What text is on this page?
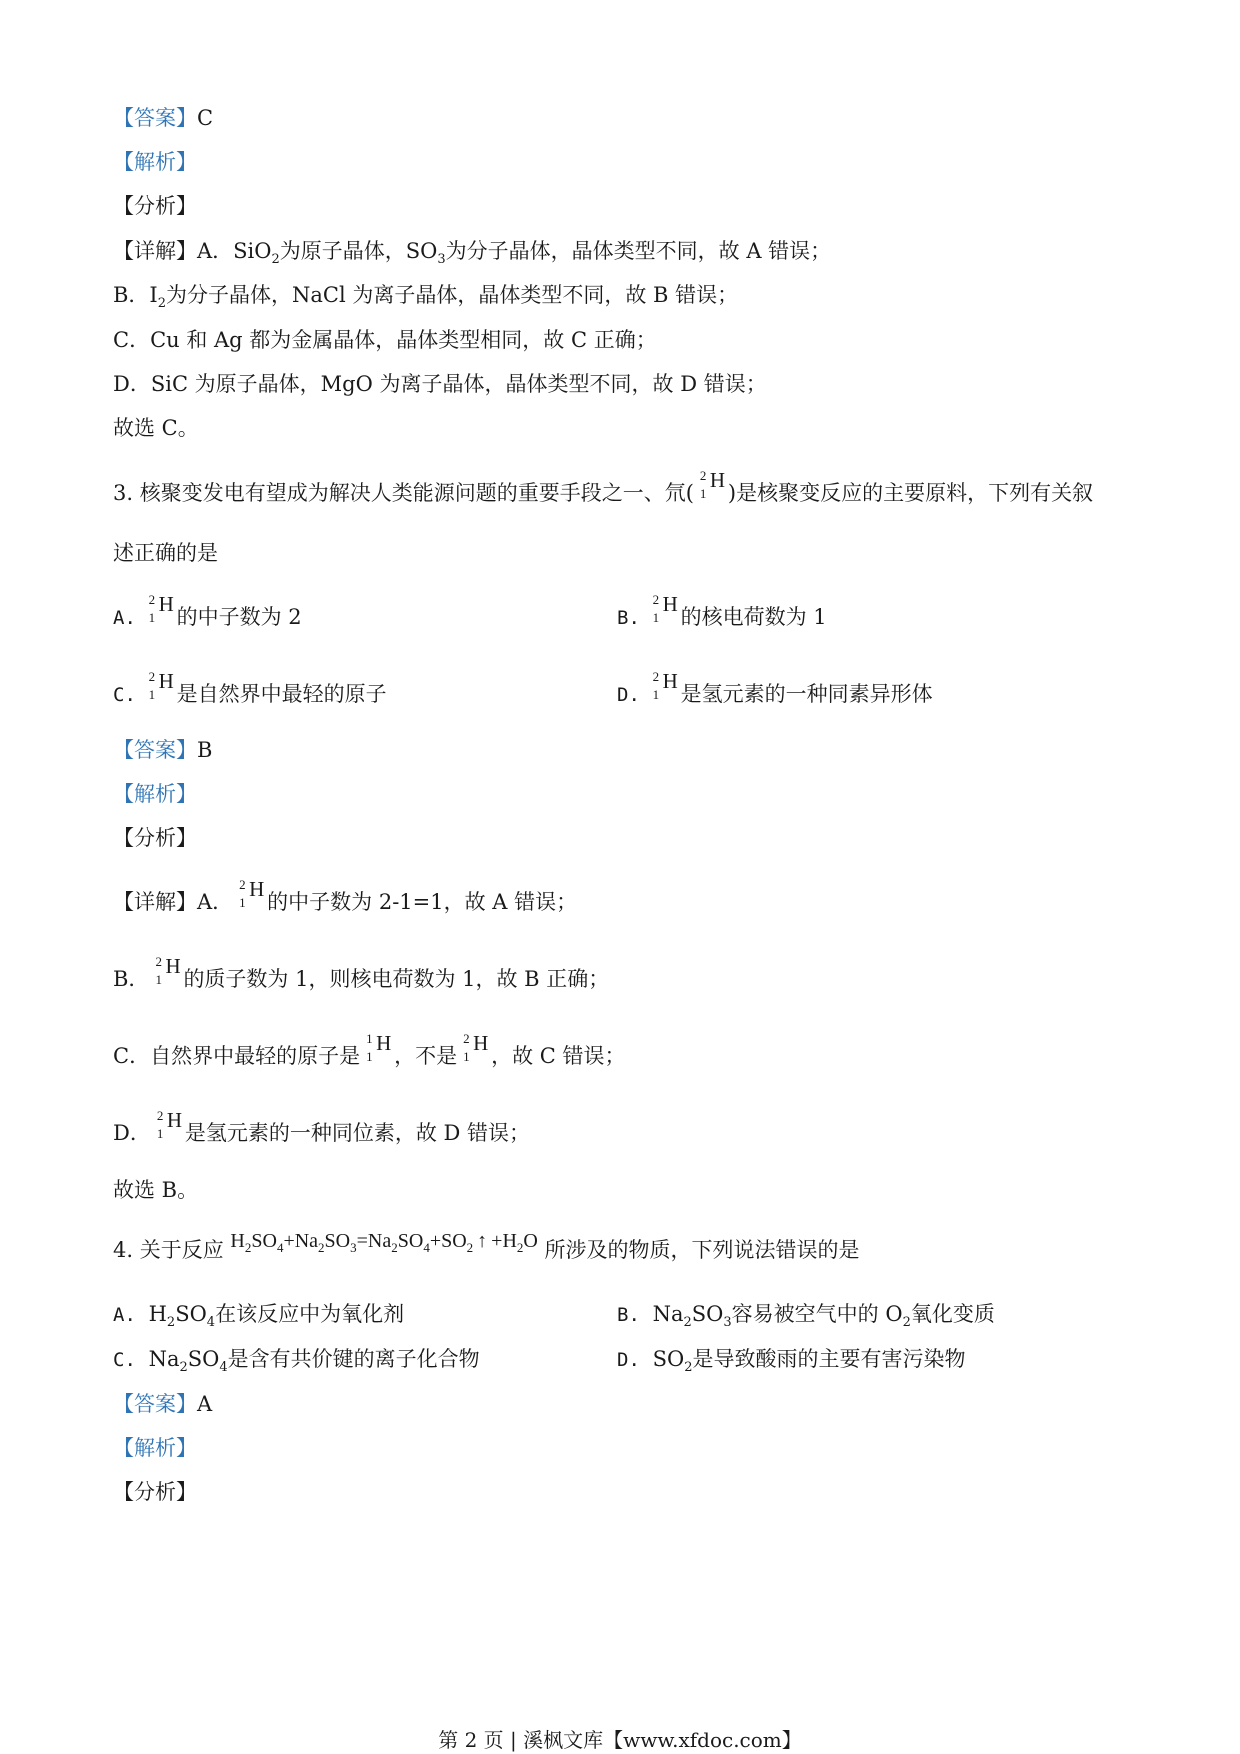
【答案】C
【解析】
【分析】
【详解】A．SiO$_2$为原子晶体，$SO_3$为分子晶体，晶体类型不同，故 A 错误；
B．$I_2$为分子晶体，NaCl 为离子晶体，晶体类型不同，故 B 错误；
C．Cu 和 Ag 都为金属晶体，晶体类型相同，故 C 正确；
D．SiC 为原子晶体，MgO 为离子晶体，晶体类型不同，故 D 错误；
故选 C。
3. 核聚变发电有望成为解决人类能源问题的重要手段之一、氘(
2
1
H
)是核聚变反应的主要原料，下列有关叙
述正确的是
A.
2
1
H
的中子数为 2	B.
2
1
H
的核电荷数为 1
C.
2
1
H
是自然界中最轻的原子	D.
2
1
H
是氢元素的一种同素异形体
【答案】B
【解析】
【分析】
【详解】A．
2
1
H
的中子数为 2-1=1，故 A 错误；
B．
2
1
H
的质子数为 1，则核电荷数为 1，故 B 正确；
C．自然界中最轻的原子是
1
1
H
，不是
2
1
H
，故 C 错误；
D．
2
1
H
是氢元素的一种同位素，故 D 错误；
故选 B。
4. 关于反应 $H_2SO_4+Na_2SO_3=Na_2SO_4+SO_2$ ↑ $+H_2O$ 所涉及的物质，下列说法错误的是
A. $H_2SO_4$在该反应中为氧化剂	B. $Na_2SO_3$容易被空气中的 $O_2$氧化变质
C. $Na_2SO_4$是含有共价键的离子化合物	D. $SO_2$是导致酸雨的主要有害污染物
【答案】A
【解析】
【分析】
第 2 页 | 溪枫文库【www.xfdoc.com】
